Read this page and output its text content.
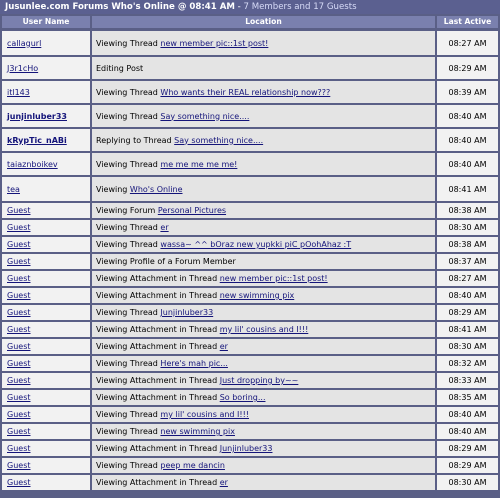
Jusunlee.com Forums Who's Online @ 08:41 AM - 7 Members and 17 Guests
User Name	Location	Last Active
callagurl	Viewing Thread new member pic::1st post!	08:27 AM
J3r1cHo	Editing Post	08:29 AM
itl143	Viewing Thread Who wants their REAL relationship now???	08:39 AM
junjinluber33	Viewing Thread Say something nice....	08:40 AM
kRypTic_nABi	Replying to Thread Say something nice....	08:40 AM
taiaznboikev	Viewing Thread me me me me me!	08:40 AM
tea	Viewing Who's Online	08:41 AM
Guest	Viewing Forum Personal Pictures	08:38 AM
Guest	Viewing Thread er	08:30 AM
Guest	Viewing Thread wassa~ ^^ bOraz new yupkki piC pOohAhaz :T	08:38 AM
Guest	Viewing Profile of a Forum Member	08:37 AM
Guest	Viewing Attachment in Thread new member pic::1st post!	08:27 AM
Guest	Viewing Attachment in Thread new swimming pix	08:40 AM
Guest	Viewing Thread Junjinluber33	08:29 AM
Guest	Viewing Attachment in Thread my lil' cousins and I!!!	08:41 AM
Guest	Viewing Attachment in Thread er	08:30 AM
Guest	Viewing Thread Here's mah pic...	08:32 AM
Guest	Viewing Attachment in Thread Just dropping by~~	08:33 AM
Guest	Viewing Attachment in Thread So boring...	08:35 AM
Guest	Viewing Thread my lil' cousins and I!!!	08:40 AM
Guest	Viewing Thread new swimming pix	08:40 AM
Guest	Viewing Attachment in Thread Junjinluber33	08:29 AM
Guest	Viewing Thread peep me dancin	08:29 AM
Guest	Viewing Attachment in Thread er	08:30 AM
